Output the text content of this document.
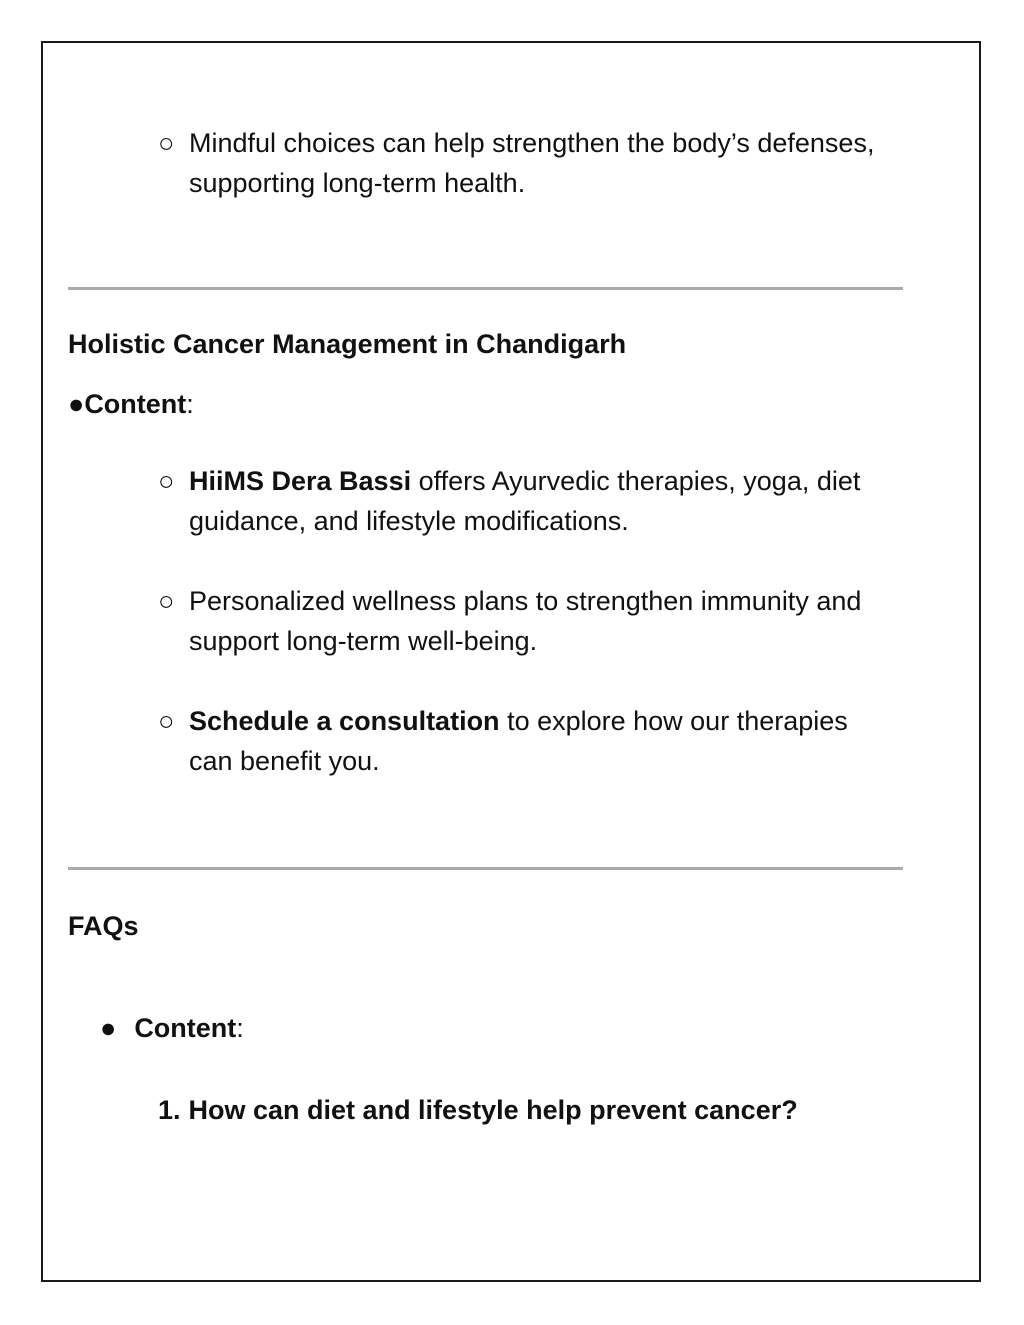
○ Mindful choices can help strengthen the body’s defenses, supporting long-term health.
Holistic Cancer Management in Chandigarh
●Content:
○ HiiMS Dera Bassi offers Ayurvedic therapies, yoga, diet guidance, and lifestyle modifications.
○ Personalized wellness plans to strengthen immunity and support long-term well-being.
○ Schedule a consultation to explore how our therapies can benefit you.
FAQs
● Content:
1. How can diet and lifestyle help prevent cancer?
